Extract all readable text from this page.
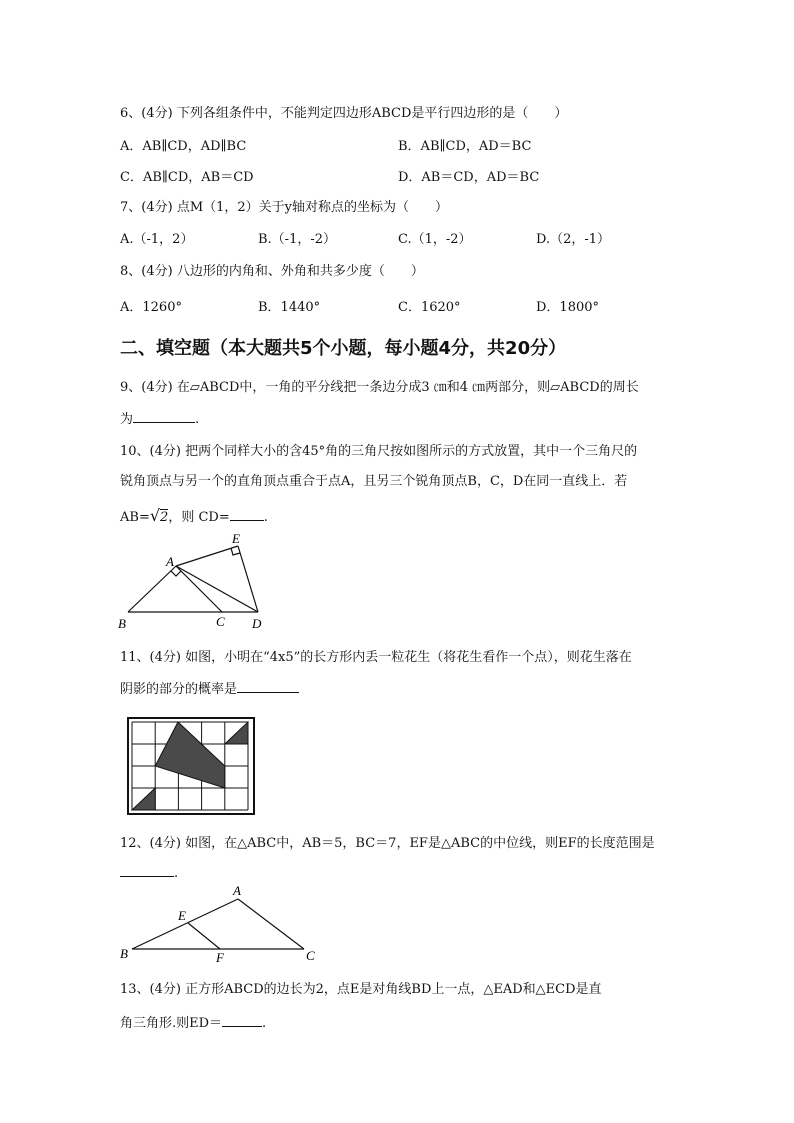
6、(4分) 下列各组条件中，不能判定四边形ABCD是平行四边形的是（　　）
A．AB∥CD，AD∥BC	B．AB∥CD，AD＝BC
C．AB∥CD，AB＝CD	D．AB＝CD，AD＝BC
7、(4分) 点M（1，2）关于y轴对称点的坐标为（　　）
A.（-1，2）	B.（-1，-2）	C.（1，-2）	D.（2，-1）
8、(4分) 八边形的内角和、外角和共多少度（　　）
A．1260°	B．1440°	C．1620°	D．1800°
二、填空题（本大题共5个小题，每小题4分，共20分）
9、(4分) 在▱ABCD中，一角的平分线把一条边分成3 ㎝和4 ㎝两部分，则▱ABCD的周长
为	.
10、(4分) 把两个同样大小的含45°角的三角尺按如图所示的方式放置，其中一个三角尺的
锐角顶点与另一个的直角顶点重合于点A，且另三个锐角顶点B，C，D在同一直线上．若
AB=√2，则 CD=	.
A
B	C D
E
11、(4分) 如图，小明在“4x5”的长方形内丢一粒花生（将花生看作一个点），则花生落在
阴影的部分的概率是
12、(4分) 如图，在△ABC中，AB＝5，BC＝7，EF是△ABC的中位线，则EF的长度范围是
.
A
B	C
E
F
13、(4分) 正方形ABCD的边长为2，点E是对角线BD上一点，△EAD和△ECD是直
角三角形.则ED＝	.
